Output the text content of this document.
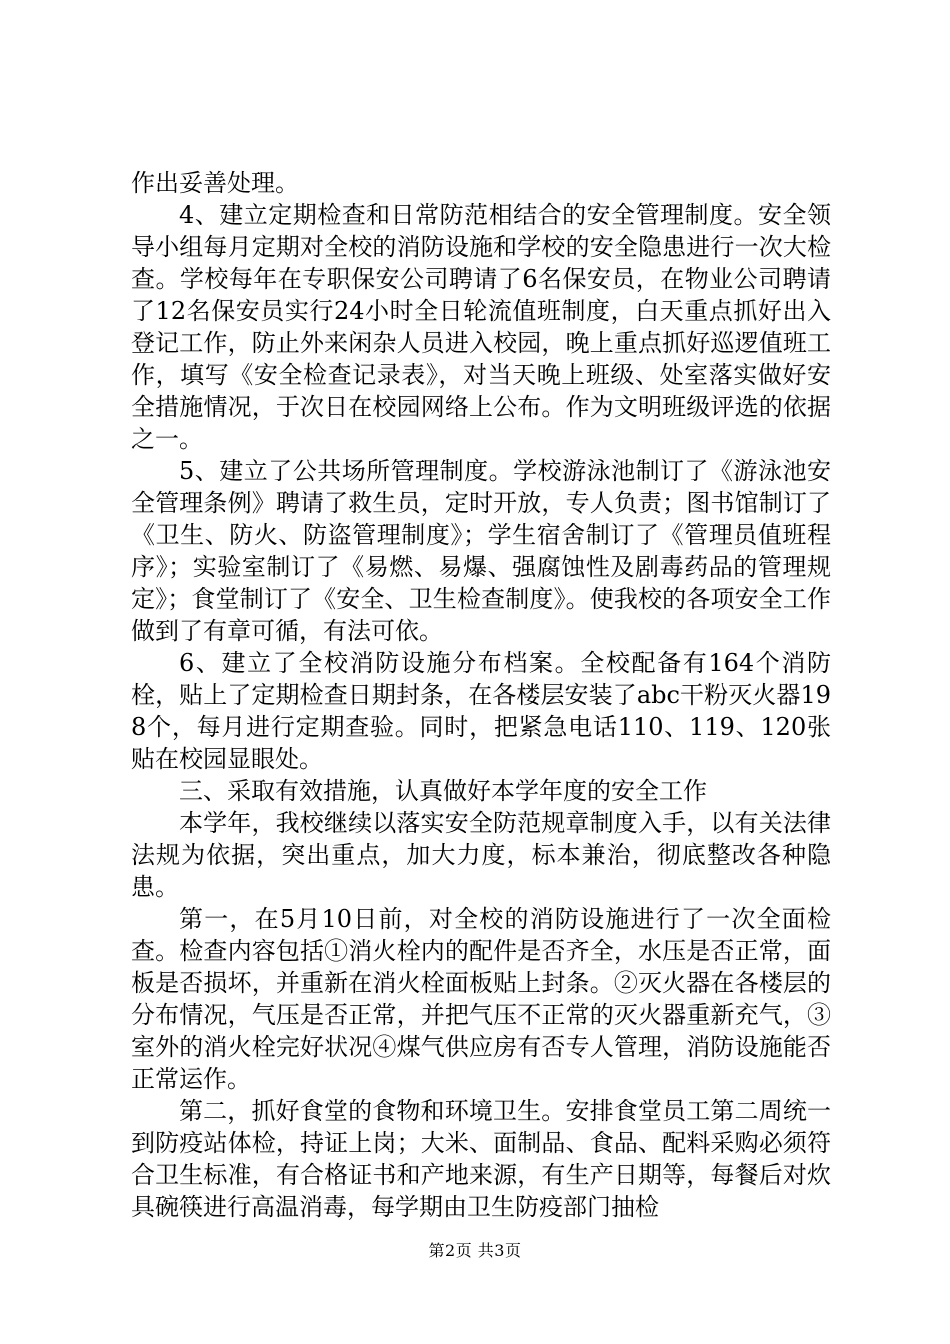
作出妥善处理。

4、建立定期检查和日常防范相结合的安全管理制度。安全领导小组每月定期对全校的消防设施和学校的安全隐患进行一次大检查。学校每年在专职保安公司聘请了6名保安员，在物业公司聘请了12名保安员实行24小时全日轮流值班制度，白天重点抓好出入登记工作，防止外来闲杂人员进入校园，晚上重点抓好巡逻值班工作，填写《安全检查记录表》，对当天晚上班级、处室落实做好安全措施情况，于次日在校园网络上公布。作为文明班级评选的依据之一。

5、建立了公共场所管理制度。学校游泳池制订了《游泳池安全管理条例》聘请了救生员，定时开放，专人负责；图书馆制订了《卫生、防火、防盗管理制度》；学生宿舍制订了《管理员值班程序》；实验室制订了《易燃、易爆、强腐蚀性及剧毒药品的管理规定》；食堂制订了《安全、卫生检查制度》。使我校的各项安全工作做到了有章可循，有法可依。

6、建立了全校消防设施分布档案。全校配备有164个消防栓，贴上了定期检查日期封条，在各楼层安装了abc干粉灭火器198个，每月进行定期查验。同时，把紧急电话110、119、120张贴在校园显眼处。

三、采取有效措施，认真做好本学年度的安全工作

本学年，我校继续以落实安全防范规章制度入手，以有关法律法规为依据，突出重点，加大力度，标本兼治，彻底整改各种隐患。

第一，在5月10日前，对全校的消防设施进行了一次全面检查。检查内容包括①消火栓内的配件是否齐全，水压是否正常，面板是否损坏，并重新在消火栓面板贴上封条。②灭火器在各楼层的分布情况，气压是否正常，并把气压不正常的灭火器重新充气，③室外的消火栓完好状况④煤气供应房有否专人管理，消防设施能否正常运作。

第二，抓好食堂的食物和环境卫生。安排食堂员工第二周统一到防疫站体检，持证上岗；大米、面制品、食品、配料采购必须符合卫生标准，有合格证书和产地来源，有生产日期等，每餐后对炊具碗筷进行高温消毒，每学期由卫生防疫部门抽检

第2页 共3页
